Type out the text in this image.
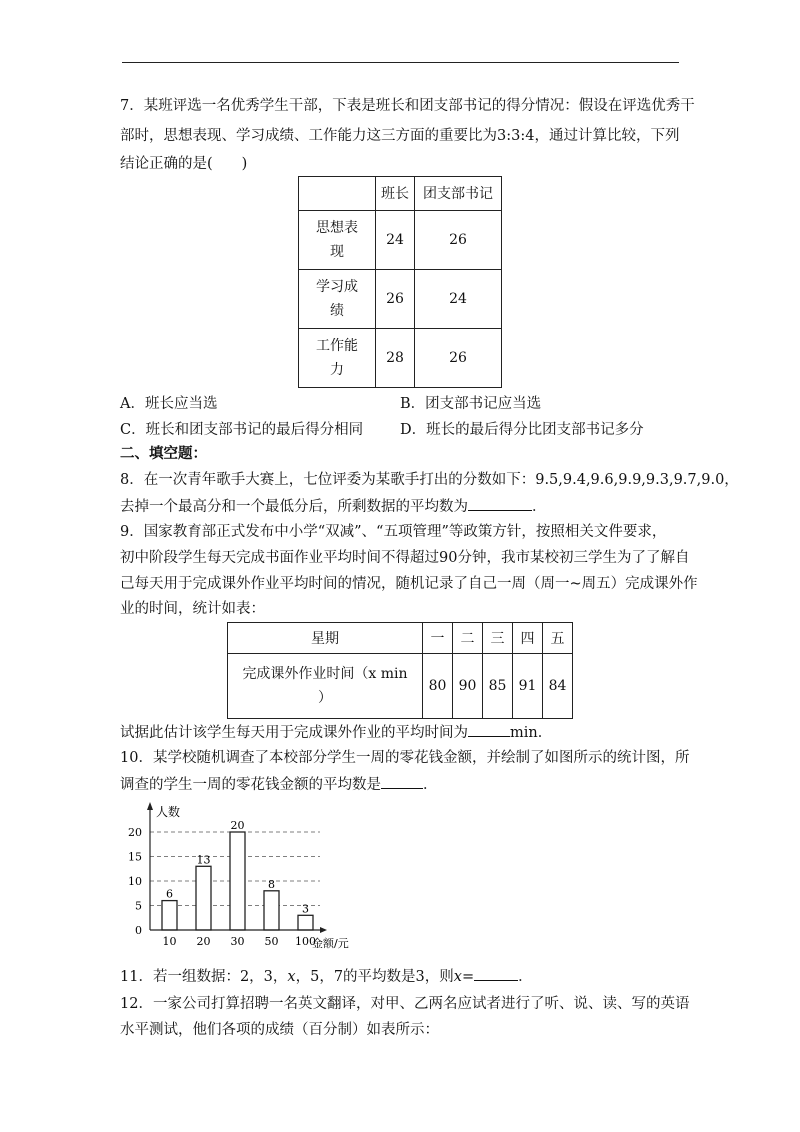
7．某班评选一名优秀学生干部，下表是班长和团支部书记的得分情况：假设在评选优秀干
部时，思想表现、学习成绩、工作能力这三方面的重要比为3:3:4，通过计算比较，下列
结论正确的是(　　)
	班长	团支部书记
思想表
现	24	26
学习成
绩	26	24
工作能
力	28	26
A．班长应当选	B．团支部书记应当选
C．班长和团支部书记的最后得分相同	D．班长的最后得分比团支部书记多分
二、填空题：
8．在一次青年歌手大赛上，七位评委为某歌手打出的分数如下：9.5,9.4,9.6,9.9,9.3,9.7,9.0，
去掉一个最高分和一个最低分后，所剩数据的平均数为	．
9．国家教育部正式发布中小学“双减”、“五项管理”等政策方针，按照相关文件要求，
初中阶段学生每天完成书面作业平均时间不得超过90分钟，我市某校初三学生为了了解自
己每天用于完成课外作业平均时间的情况，随机记录了自己一周（周一~周五）完成课外作
业的时间，统计如表：
星期	一	二	三	四	五
完成课外作业时间（x min
）	80	90	85	91	84
试据此估计该学生每天用于完成课外作业的平均时间为	min．
10．某学校随机调查了本校部分学生一周的零花钱金额，并绘制了如图所示的统计图，所
调查的学生一周的零花钱金额的平均数是	．
0
5
10
15
20
6
10
13
20
20
30
8
50
3
100
人数
金额/元
11．若一组数据：2，3，x，5，7的平均数是3，则x=	．
12．一家公司打算招聘一名英文翻译，对甲、乙两名应试者进行了听、说、读、写的英语
水平测试，他们各项的成绩（百分制）如表所示：
